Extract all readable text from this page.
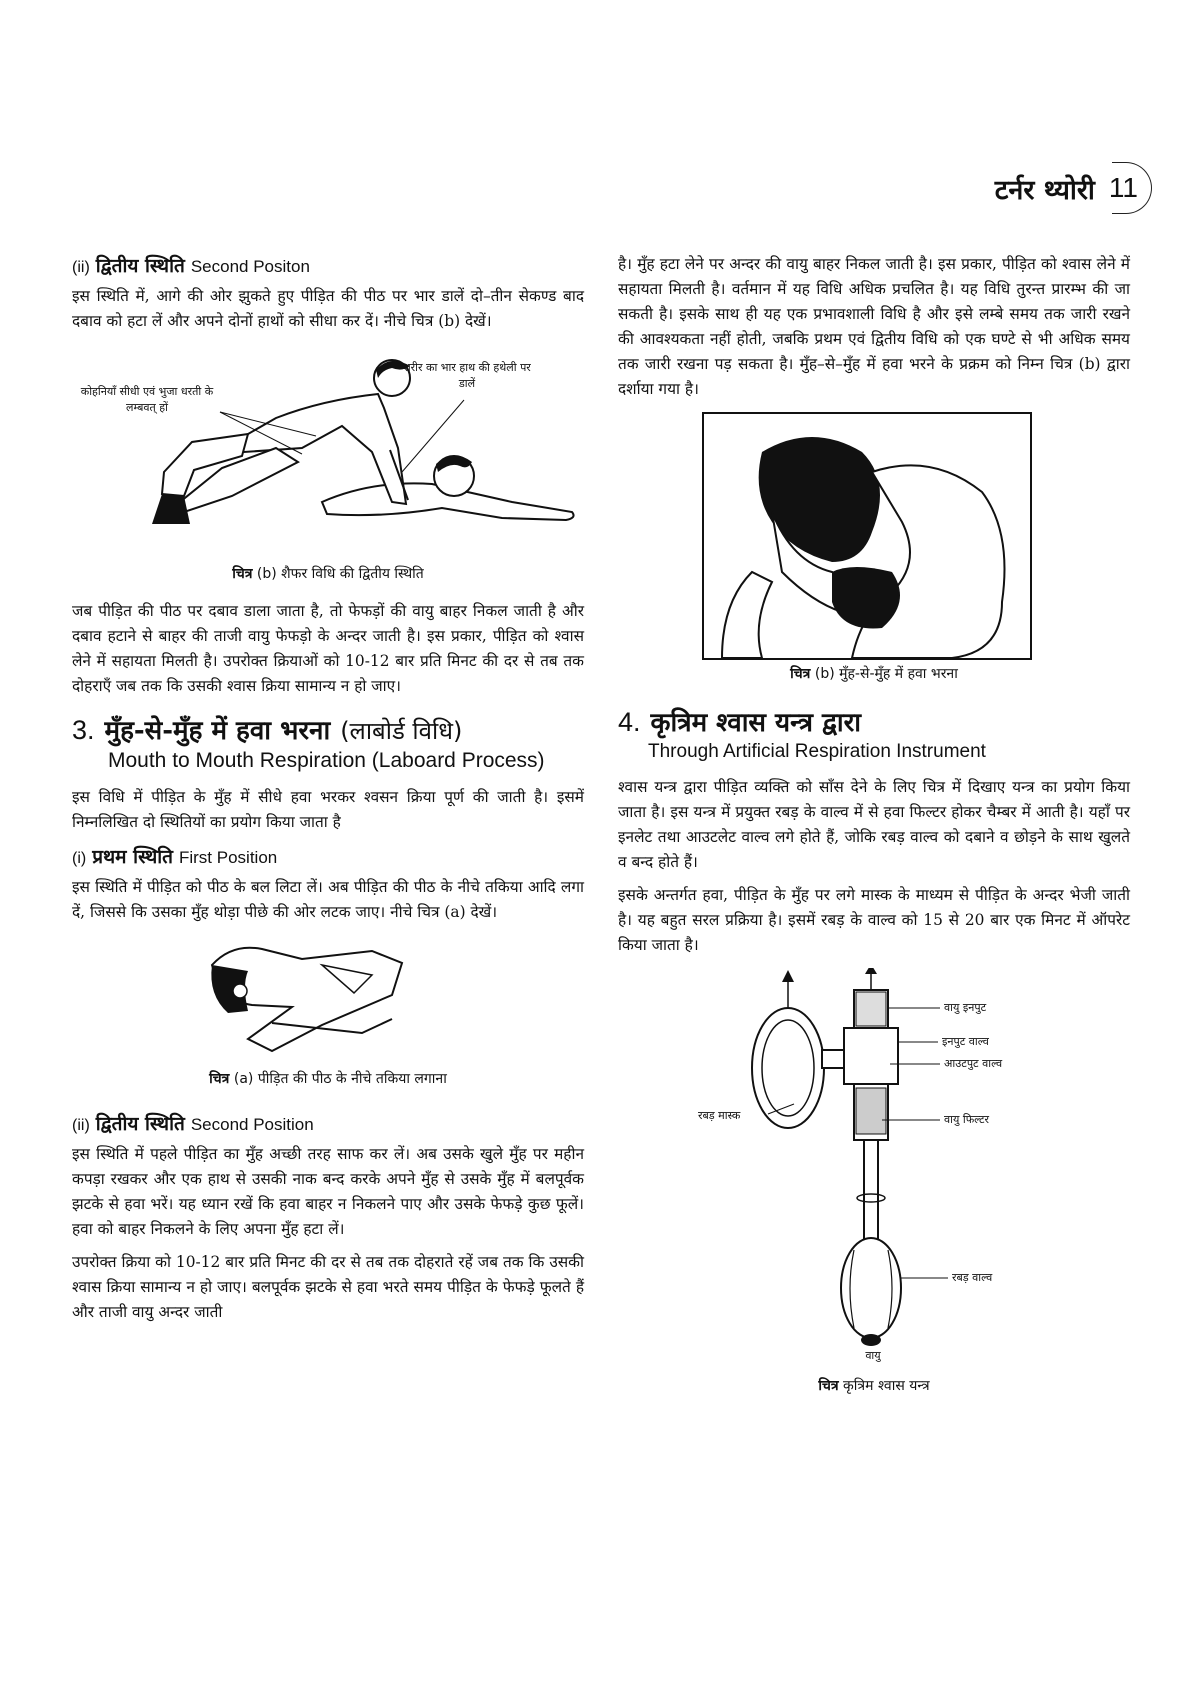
टर्नर थ्योरी 11
(ii) द्वितीय स्थिति Second Positon

इस स्थिति में, आगे की ओर झुकते हुए पीड़ित की पीठ पर भार डालें दो–तीन सेकण्ड बाद दबाव को हटा लें और अपने दोनों हाथों को सीधा कर दें। नीचे चित्र (b) देखें।

कोहनियाँ सीधी एवं भुजा धरती के लम्बवत् हों
शरीर का भार हाथ की हथेली पर डालें
चित्र (b) शैफर विधि की द्वितीय स्थिति

जब पीड़ित की पीठ पर दबाव डाला जाता है, तो फेफड़ों की वायु बाहर निकल जाती है और दबाव हटाने से बाहर की ताजी वायु फेफड़ो के अन्दर जाती है। इस प्रकार, पीड़ित को श्वास लेने में सहायता मिलती है। उपरोक्त क्रियाओं को 10-12 बार प्रति मिनट की दर से तब तक दोहराएँ जब तक कि उसकी श्वास क्रिया सामान्य न हो जाए।

3. मुँह-से-मुँह में हवा भरना (लाबोर्ड विधि)
Mouth to Mouth Respiration (Laboard Process)

इस विधि में पीड़ित के मुँह में सीधे हवा भरकर श्वसन क्रिया पूर्ण की जाती है। इसमें निम्नलिखित दो स्थितियों का प्रयोग किया जाता है

(i) प्रथम स्थिति First Position

इस स्थिति में पीड़ित को पीठ के बल लिटा लें। अब पीड़ित की पीठ के नीचे तकिया आदि लगा दें, जिससे कि उसका मुँह थोड़ा पीछे की ओर लटक जाए। नीचे चित्र (a) देखें।

चित्र (a) पीड़ित की पीठ के नीचे तकिया लगाना
(ii) द्वितीय स्थिति Second Position

इस स्थिति में पहले पीड़ित का मुँह अच्छी तरह साफ कर लें। अब उसके खुले मुँह पर महीन कपड़ा रखकर और एक हाथ से उसकी नाक बन्द करके अपने मुँह से उसके मुँह में बलपूर्वक झटके से हवा भरें। यह ध्यान रखें कि हवा बाहर न निकलने पाए और उसके फेफड़े कुछ फूलें। हवा को बाहर निकलने के लिए अपना मुँह हटा लें।

उपरोक्त क्रिया को 10-12 बार प्रति मिनट की दर से तब तक दोहराते रहें जब तक कि उसकी श्वास क्रिया सामान्य न हो जाए। बलपूर्वक झटके से हवा भरते समय पीड़ित के फेफड़े फूलते हैं और ताजी वायु अन्दर जाती

है। मुँह हटा लेने पर अन्दर की वायु बाहर निकल जाती है। इस प्रकार, पीड़ित को श्वास लेने में सहायता मिलती है। वर्तमान में यह विधि अधिक प्रचलित है। यह विधि तुरन्त प्रारम्भ की जा सकती है। इसके साथ ही यह एक प्रभावशाली विधि है और इसे लम्बे समय तक जारी रखने की आवश्यकता नहीं होती, जबकि प्रथम एवं द्वितीय विधि को एक घण्टे से भी अधिक समय तक जारी रखना पड़ सकता है। मुँह–से–मुँह में हवा भरने के प्रक्रम को निम्न चित्र (b) द्वारा दर्शाया गया है।

चित्र (b) मुँह-से-मुँह में हवा भरना
4. कृत्रिम श्वास यन्त्र द्वारा
Through Artificial Respiration Instrument

श्वास यन्त्र द्वारा पीड़ित व्यक्ति को साँस देने के लिए चित्र में दिखाए यन्त्र का प्रयोग किया जाता है। इस यन्त्र में प्रयुक्त रबड़ के वाल्व में से हवा फिल्टर होकर चैम्बर में आती है। यहाँ पर इनलेट तथा आउटलेट वाल्व लगे होते हैं, जोकि रबड़ वाल्व को दबाने व छोड़ने के साथ खुलते व बन्द होते हैं।

इसके अन्तर्गत हवा, पीड़ित के मुँह पर लगे मास्क के माध्यम से पीड़ित के अन्दर भेजी जाती है। यह बहुत सरल प्रक्रिया है। इसमें रबड़ के वाल्व को 15 से 20 बार एक मिनट में ऑपरेट किया जाता है।

वायु इनपुट
इनपुट वाल्व
आउटपुट वाल्व
रबड़ मास्क	वायु फिल्टर
रबड़ वाल्व
वायु
चित्र कृत्रिम श्वास यन्त्र
